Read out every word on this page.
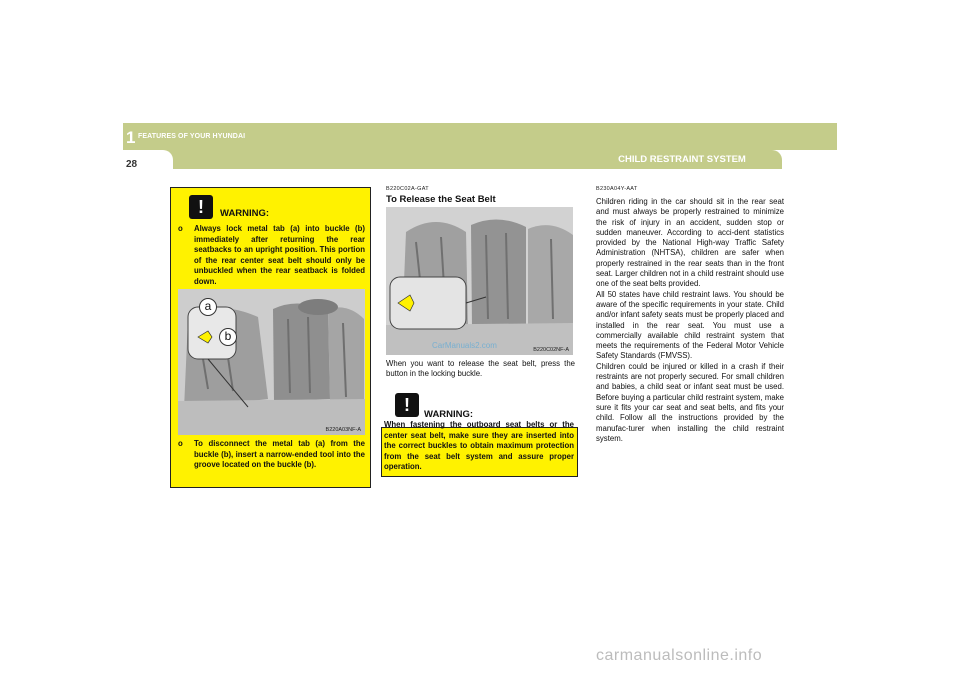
1 FEATURES OF YOUR HYUNDAI
28	CHILD RESTRAINT SYSTEM
!	WARNING:
o Always lock metal tab (a) into buckle (b) immediately after returning the rear seatbacks to an upright position. This portion of the rear center seat belt should only be unbuckled when the rear seatback is folded down.
a
b
B220A03NF-A
o To disconnect the metal tab (a) from the buckle (b), insert a narrow-ended tool into the groove located on the buckle (b).
B220C02A-GAT
To Release the Seat Belt
CarManuals2.com	B220C02NF-A
When you want to release the seat belt, press the button in the locking buckle.
!	WARNING:
When fastening the outboard seat belts or the center seat belt, make sure they are inserted into the correct buckles to obtain maximum protection from the seat belt system and assure proper operation.
B230A04Y-AAT
Children riding in the car should sit in the rear seat and must always be properly restrained to minimize the risk of injury in an accident, sudden stop or sudden maneuver. According to acci-dent statistics provided by the National High-way Traffic Safety Administration (NHTSA), children are safer when properly restrained in the rear seats than in the front seat. Larger children not in a child restraint should use one of the seat belts provided.
All 50 states have child restraint laws. You should be aware of the specific requirements in your state. Child and/or infant safety seats must be properly placed and installed in the rear seat. You must use a commercially available child restraint system that meets the requirements of the Federal Motor Vehicle Safety Standards (FMVSS).
Children could be injured or killed in a crash if their restraints are not properly secured. For small children and babies, a child seat or infant seat must be used. Before buying a particular child restraint system, make sure it fits your car seat and seat belts, and fits your child. Follow all the instructions provided by the manufac-turer when installing the child restraint system.
carmanualsonline.info
